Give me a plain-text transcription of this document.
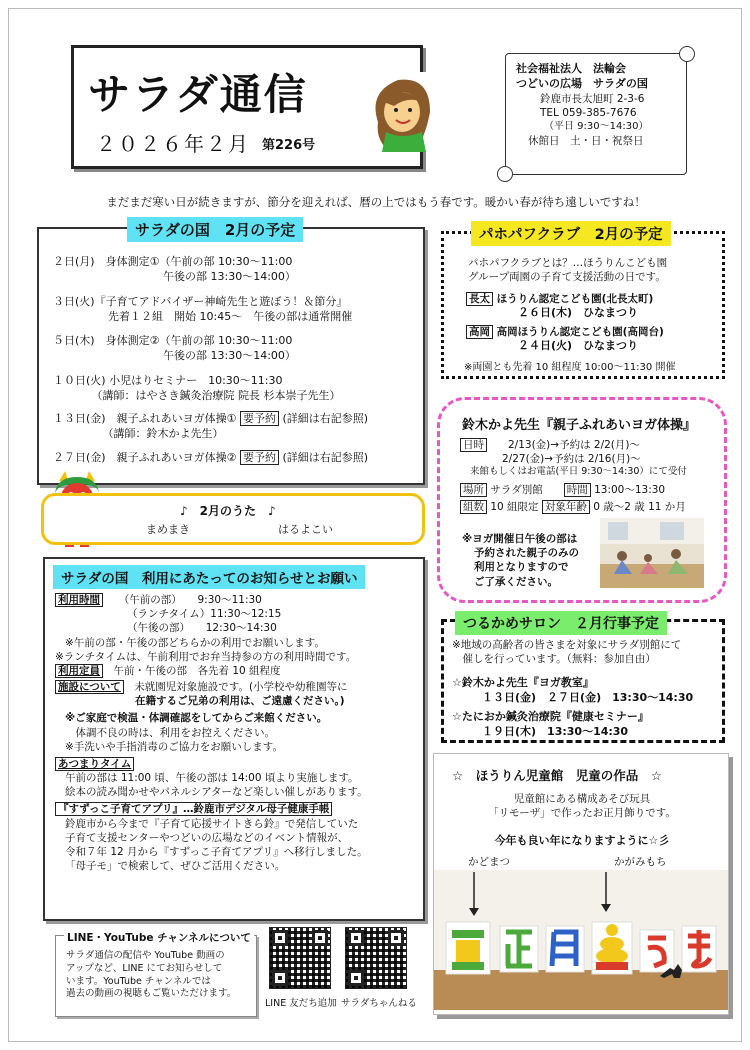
サラダ通信
２０２６年２月 第226号
社会福祉法人　法輪会
つどいの広場　サラダの国
鈴鹿市長太旭町 2-3-6
TEL 059-385-7676
（平日 9:30〜14:30）
休館日　土・日・祝祭日
まだまだ寒い日が続きますが、節分を迎えれば、暦の上ではもう春です。暖かい春が待ち遠しいですね！
サラダの国　2月の予定
２日(月)　身体測定①（午前の部 10:30〜11:00
　　　　　　　　　　午後の部 13:30〜14:00）
３日(火)『子育てアドバイザー神崎先生と遊ぼう！＆節分』
　　　　　先着１２組　開始 10:45〜　午後の部は通常開催
５日(木)　身体測定②（午前の部 10:30〜11:00
　　　　　　　　　　午後の部 13:30〜14:00）
１０日(火) 小児はりセミナー　10:30〜11:30
　　　　（講師：はやさき鍼灸治療院 院長 杉本崇子先生）
１３日(金)　親子ふれあいヨガ体操① 要予約 (詳細は右記参照)
　　　　　（講師：鈴木かよ先生）
２７日(金)　親子ふれあいヨガ体操② 要予約 (詳細は右記参照)
パホパフクラブとは？…ほうりんこども園
グループ両園の子育て支援活動の日です。
長太 ほうりん認定こども園(北長太町)
２６日(木)　ひなまつり
高岡 高岡ほうりん認定こども園(高岡台)
２４日(火)　ひなまつり
※両園とも先着 10 組程度 10:00〜11:30 開催
パホパフクラブ　2月の予定
鈴木かよ先生『親子ふれあいヨガ体操』
日時　　 2/13(金)→予約は 2/2(月)〜
2/27(金)→予約は 2/16(月)〜
来館もしくはお電話(平日 9:30〜14:30）にて受付
場所 サラダ別館　　 時間 13:00〜13:30
組数 10 組限定 対象年齢 0 歳〜2 歳 11 か月
※ヨガ開催日午後の部は
予約された親子のみの
利用となりますので
ご了承ください。
♪　2月のうた　♪
まめまき	はるよこい
サラダの国　利用にあたってのお知らせとお願い
利用時間　　 （午前の部）　　9:30〜11:30
（ランチタイム）11:30〜12:15
（午後の部）　　12:30〜14:30
※午前の部・午後の部どちらかの利用でお願いします。
※ランチタイムは、午前利用でお弁当持参の方の利用時間です。
利用定員　 午前・午後の部　各先着 10 組程度
施設について　 未就園児対象施設です。(小学校や幼稚園等に
在籍するご兄弟の利用は、ご遠慮ください。)
※ご家庭で検温・体調確認をしてからご来館ください。
　体調不良の時は、利用をお控えください。
※手洗いや手指消毒のご協力をお願いします。
あつまりタイム
午前の部は 11:00 頃、午後の部は 14:00 頃より実施します。
絵本の読み聞かせやパネルシアターなど楽しい催しがあります。
『すずっこ子育てアプリ』…鈴鹿市デジタル母子健康手帳
鈴鹿市から今まで『子育て応援サイトきら鈴』で発信していた
子育て支援センターやつどいの広場などのイベント情報が、
令和７年 12 月から『すずっこ子育てアプリ』へ移行しました。
「母子モ」で検索して、ぜひご活用ください。
※地域の高齢者の皆さまを対象にサラダ別館にて
　催しを行っています。（無料：参加自由）
☆鈴木かよ先生『ヨガ教室』
１３日(金)　２７日(金)　13:30〜14:30
☆たにおか鍼灸治療院『健康セミナー』
１９日(木)　13:30〜14:30
つるかめサロン　２月行事予定
☆　ほうりん児童館　児童の作品　☆
児童館にある構成あそび玩具
「リモーザ」で作ったお正月飾りです。
今年も良い年になりますように☆彡
かどまつ	かがみもち
LINE・YouTube チャンネルについて
サラダ通信の配信や YouTube 動画の
アップなど、LINE にてお知らせして
います。YouTube チャンネルでは
過去の動画の視聴もご覧いただけます。
LINE 友だち追加 サラダちゃんねる
